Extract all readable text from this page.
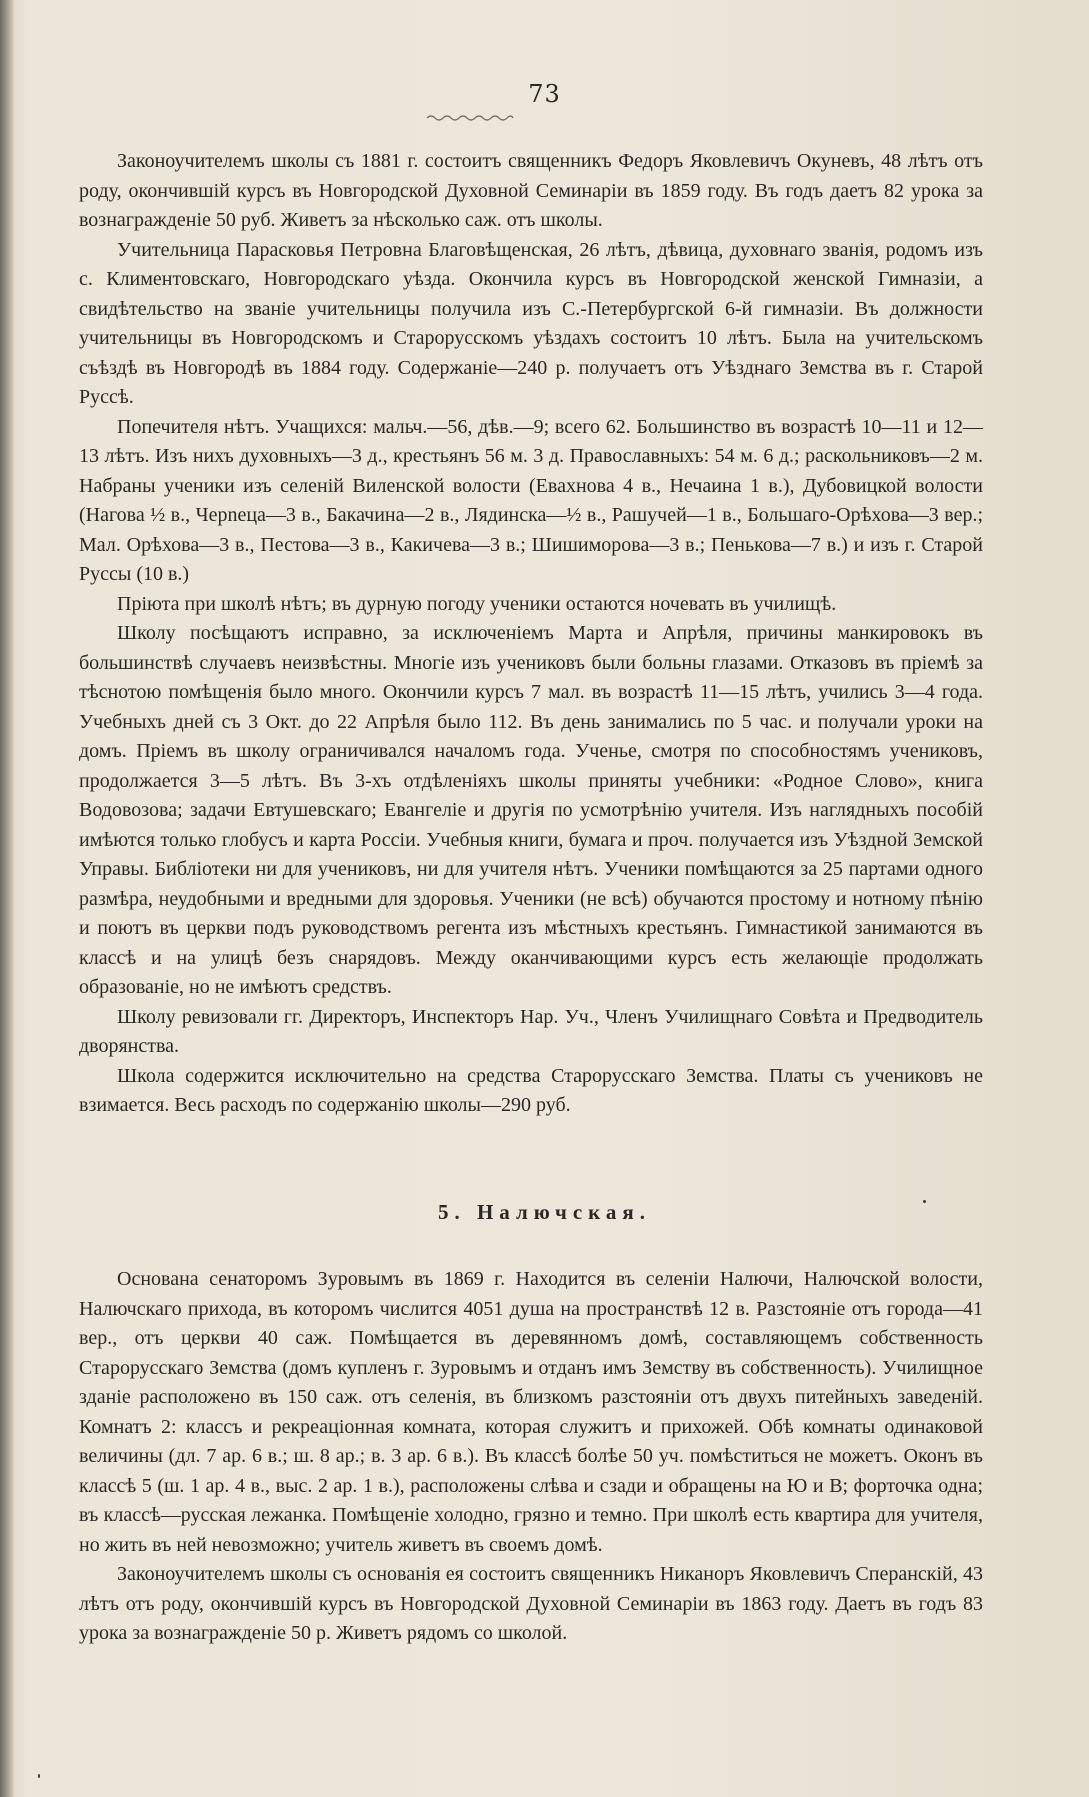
73

Законоучителемъ школы съ 1881 г. состоитъ священникъ Федоръ Яковлевичъ Окуневъ, 48 лѣтъ отъ роду, окончившій курсъ въ Новгородской Духовной Семинаріи въ 1859 году. Въ годъ даетъ 82 урока за вознагражденіе 50 руб. Живетъ за нѣсколько саж. отъ школы.

Учительница Парасковья Петровна Благовѣщенская, 26 лѣтъ, дѣвица, духовнаго званія, родомъ изъ с. Климентовскаго, Новгородскаго уѣзда. Окончила курсъ въ Новгородской женской Гимназіи, а свидѣтельство на званіе учительницы получила изъ С.-Петербургской 6-й гимназіи. Въ должности учительницы въ Новгородскомъ и Старорусскомъ уѣздахъ состоитъ 10 лѣтъ. Была на учительскомъ съѣздѣ въ Новгородѣ въ 1884 году. Содержаніе—240 р. получаетъ отъ Уѣзднаго Земства въ г. Старой Руссѣ.

Попечителя нѣтъ. Учащихся: мальч.—56, дѣв.—9; всего 62. Большинство въ возрастѣ 10—11 и 12—13 лѣтъ. Изъ нихъ духовныхъ—3 д., крестьянъ 56 м. 3 д. Православныхъ: 54 м. 6 д.; раскольниковъ—2 м. Набраны ученики изъ селеній Виленской волости (Евахнова 4 в., Нечаина 1 в.), Дубовицкой волости (Нагова ½ в., Черneца—3 в., Бакачина—2 в., Лядинска—½ в., Рашучей—1 в., Большаго-Орѣхова—3 вер.; Мал. Орѣхова—3 в., Пестова—3 в., Какичева—3 в.; Шишиморова—3 в.; Пенькова—7 в.) и изъ г. Старой Руссы (10 в.)

Пріюта при школѣ нѣтъ; въ дурную погоду ученики остаются ночевать въ училищѣ.

Школу посѣщаютъ исправно, за исключеніемъ Марта и Апрѣля, причины манкировокъ въ большинствѣ случаевъ неизвѣстны. Многіе изъ учениковъ были больны глазами. Отказовъ въ пріемѣ за тѣснотою помѣщенія было много. Окончили курсъ 7 мал. въ возрастѣ 11—15 лѣтъ, учились 3—4 года. Учебныхъ дней съ 3 Окт. до 22 Апрѣля было 112. Въ день занимались по 5 час. и получали уроки на домъ. Пріемъ въ школу ограничивался началомъ года. Ученье, смотря по способностямъ учениковъ, продолжается 3—5 лѣтъ. Въ 3-хъ отдѣленіяхъ школы приняты учебники: «Родное Слово», книга Водовозова; задачи Евтушевскаго; Евангеліе и другія по усмотрѣнію учителя. Изъ наглядныхъ пособій имѣются только глобусъ и карта Россіи. Учебныя книги, бумага и проч. получается изъ Уѣздной Земской Управы. Библіотеки ни для учениковъ, ни для учителя нѣтъ. Ученики помѣщаются за 25 партами одного размѣра, неудобными и вредными для здоровья. Ученики (не всѣ) обучаются простому и нотному пѣнію и поютъ въ церкви подъ руководствомъ регента изъ мѣстныхъ крестьянъ. Гимнастикой занимаются въ классѣ и на улицѣ безъ снарядовъ. Между оканчивающими курсъ есть желающіе продолжать образованіе, но не имѣютъ средствъ.

Школу ревизовали гг. Директоръ, Инспекторъ Нар. Уч., Членъ Училищнаго Совѣта и Предводитель дворянства.

Школа содержится исключительно на средства Старорусскаго Земства. Платы съ учениковъ не взимается. Весь расходъ по содержанію школы—290 руб.

5. Налючская.

Основана сенаторомъ Зуровымъ въ 1869 г. Находится въ селеніи Налючи, Налючской волости, Налючскаго прихода, въ которомъ числится 4051 душа на пространствѣ 12 в. Разстояніе отъ города—41 вер., отъ церкви 40 саж. Помѣщается въ деревянномъ домѣ, составляющемъ собственность Старорусскаго Земства (домъ купленъ г. Зуровымъ и отданъ имъ Земству въ собственность). Училищное зданіе расположено въ 150 саж. отъ селенія, въ близкомъ разстояніи отъ двухъ питейныхъ заведеній. Комнатъ 2: классъ и рекреаціонная комната, которая служитъ и прихожей. Обѣ комнаты одинаковой величины (дл. 7 ар. 6 в.; ш. 8 ар.; в. 3 ар. 6 в.). Въ классѣ болѣе 50 уч. помѣститься не можетъ. Оконъ въ классѣ 5 (ш. 1 ар. 4 в., выс. 2 ар. 1 в.), расположены слѣва и сзади и обращены на Ю и В; форточка одна; въ классѣ—русская лежанка. Помѣщеніе холодно, грязно и темно. При школѣ есть квартира для учителя, но жить въ ней невозможно; учитель живетъ въ своемъ домѣ.

Законоучителемъ школы съ основанія ея состоитъ священникъ Никаноръ Яковлевичъ Сперанскій, 43 лѣтъ отъ роду, окончившій курсъ въ Новгородской Духовной Семинаріи въ 1863 году. Даетъ въ годъ 83 урока за вознагражденіе 50 р. Живетъ рядомъ со школой.
